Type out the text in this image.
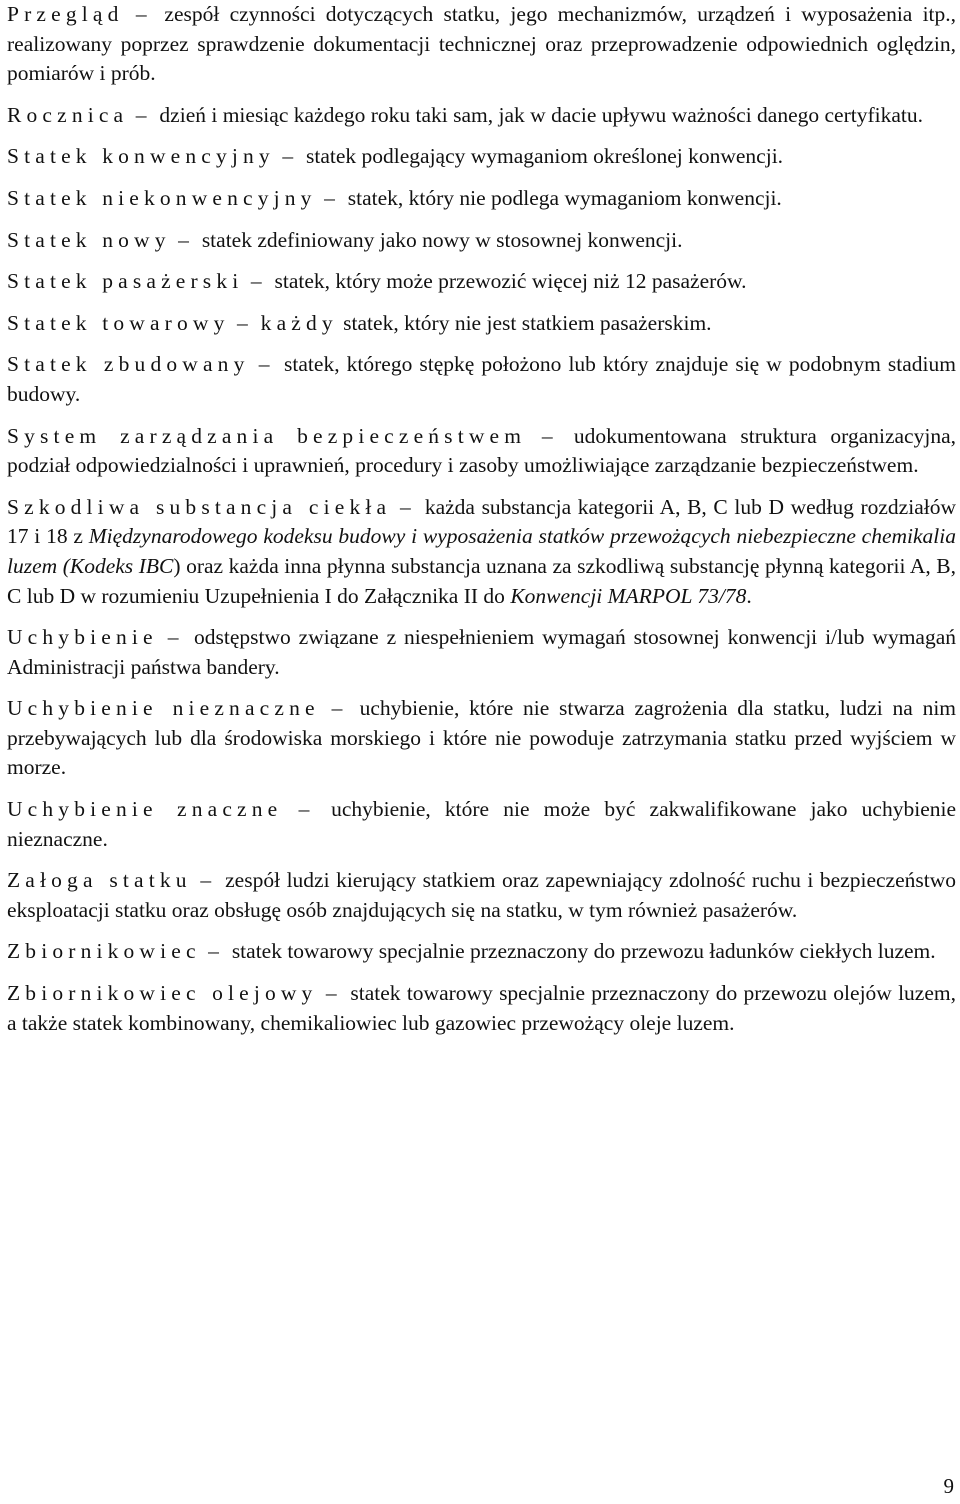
Przegląd – zespół czynności dotyczących statku, jego mechanizmów, urządzeń i wyposażenia itp., realizowany poprzez sprawdzenie dokumentacji technicznej oraz przeprowadzenie odpowiednich oględzin, pomiarów i prób.

Rocznica – dzień i miesiąc każdego roku taki sam, jak w dacie upływu ważności danego certyfikatu.

Statek konwencyjny – statek podlegający wymaganiom określonej konwencji.

Statek niekonwencyjny – statek, który nie podlega wymaganiom konwencji.

Statek nowy – statek zdefiniowany jako nowy w stosownej konwencji.

Statek pasażerski – statek, który może przewozić więcej niż 12 pasażerów.

Statek towarowy – każdy statek, który nie jest statkiem pasażerskim.

Statek zbudowany – statek, którego stępkę położono lub który znajduje się w podobnym stadium budowy.

System zarządzania bezpieczeństwem – udokumentowana struktura organizacyjna, podział odpowiedzialności i uprawnień, procedury i zasoby umożliwiające zarządzanie bezpieczeństwem.

Szkodliwa substancja ciekła – każda substancja kategorii A, B, C lub D według rozdziałów 17 i 18 z Międzynarodowego kodeksu budowy i wyposażenia statków przewożących niebezpieczne chemikalia luzem (Kodeks IBC) oraz każda inna płynna substancja uznana za szkodliwą substancję płynną kategorii A, B, C lub D w rozumieniu Uzupełnienia I do Załącznika II do Konwencji MARPOL 73/78.

Uchybienie – odstępstwo związane z niespełnieniem wymagań stosownej konwencji i/lub wymagań Administracji państwa bandery.

Uchybienie nieznaczne – uchybienie, które nie stwarza zagrożenia dla statku, ludzi na nim przebywających lub dla środowiska morskiego i które nie powoduje zatrzymania statku przed wyjściem w morze.

Uchybienie znaczne – uchybienie, które nie może być zakwalifikowane jako uchybienie nieznaczne.

Załoga statku – zespół ludzi kierujący statkiem oraz zapewniający zdolność ruchu i bezpieczeństwo eksploatacji statku oraz obsługę osób znajdujących się na statku, w tym również pasażerów.

Zbiornikowiec – statek towarowy specjalnie przeznaczony do przewozu ładunków ciekłych luzem.

Zbiornikowiec olejowy – statek towarowy specjalnie przeznaczony do przewozu olejów luzem, a także statek kombinowany, chemikaliowiec lub gazowiec przewożący oleje luzem.

9
